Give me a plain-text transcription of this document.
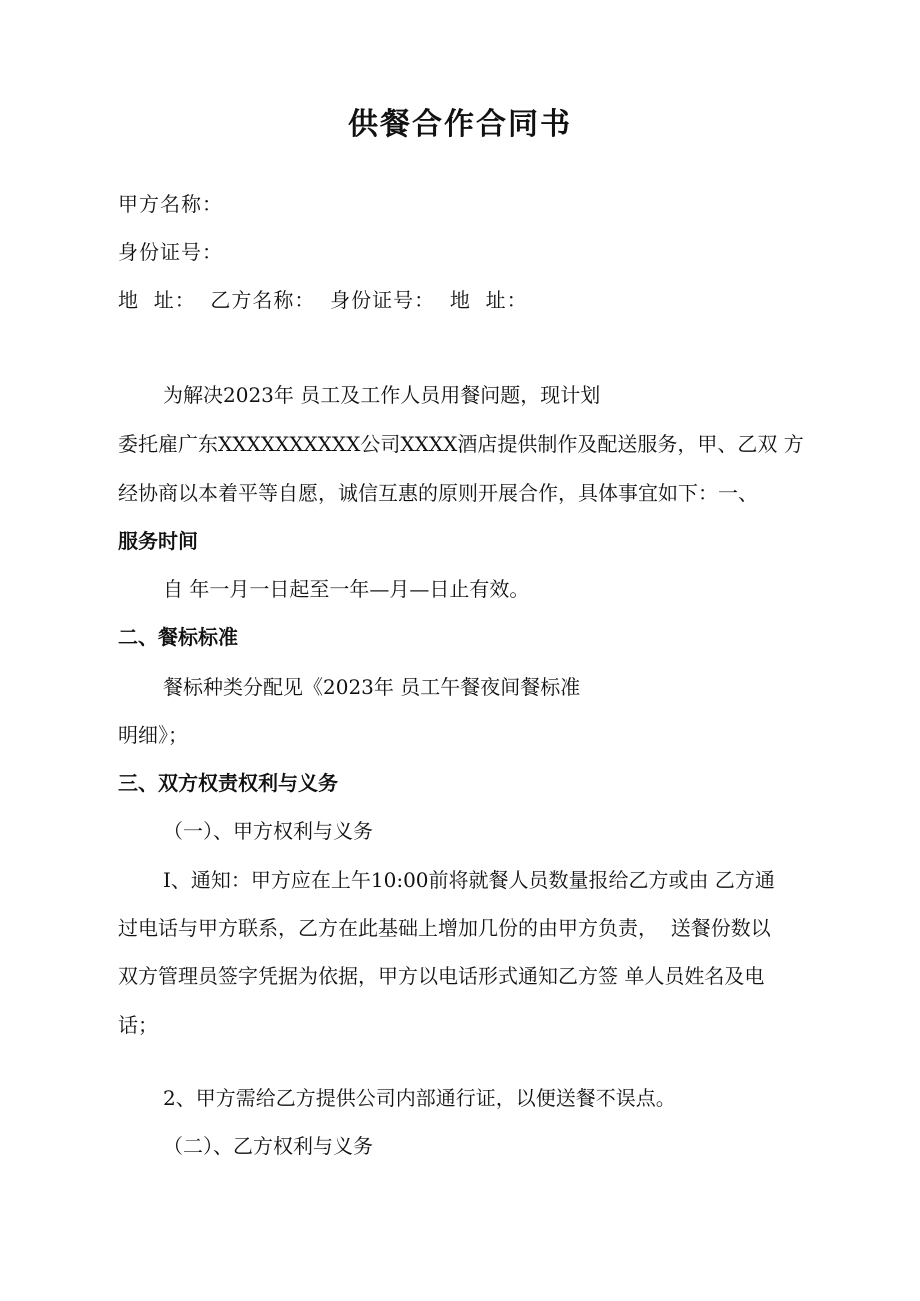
供餐合作合同书
甲方名称：
身份证号：
地  址：  乙方名称：  身份证号：  地  址：
为解决2023年 员工及工作人员用餐问题，现计划
委托雇广东XXXXXXXXXX公司XXXX酒店提供制作及配送服务，甲、乙双 方
经协商以本着平等自愿，诚信互惠的原则开展合作，具体事宜如下：一、
服务时间
自 年一月一日起至一年—月—日止有效。
二、餐标标准
餐标种类分配见《2023年 员工午餐夜间餐标准
明细》；
三、双方权责权利与义务
（一）、甲方权利与义务
I、通知：甲方应在上午10:00前将就餐人员数量报给乙方或由 乙方通
过电话与甲方联系，乙方在此基础上增加几份的由甲方负责，  送餐份数以
双方管理员签字凭据为依据，甲方以电话形式通知乙方签 单人员姓名及电
话；
2、甲方需给乙方提供公司内部通行证，以便送餐不误点。
（二）、乙方权利与义务
